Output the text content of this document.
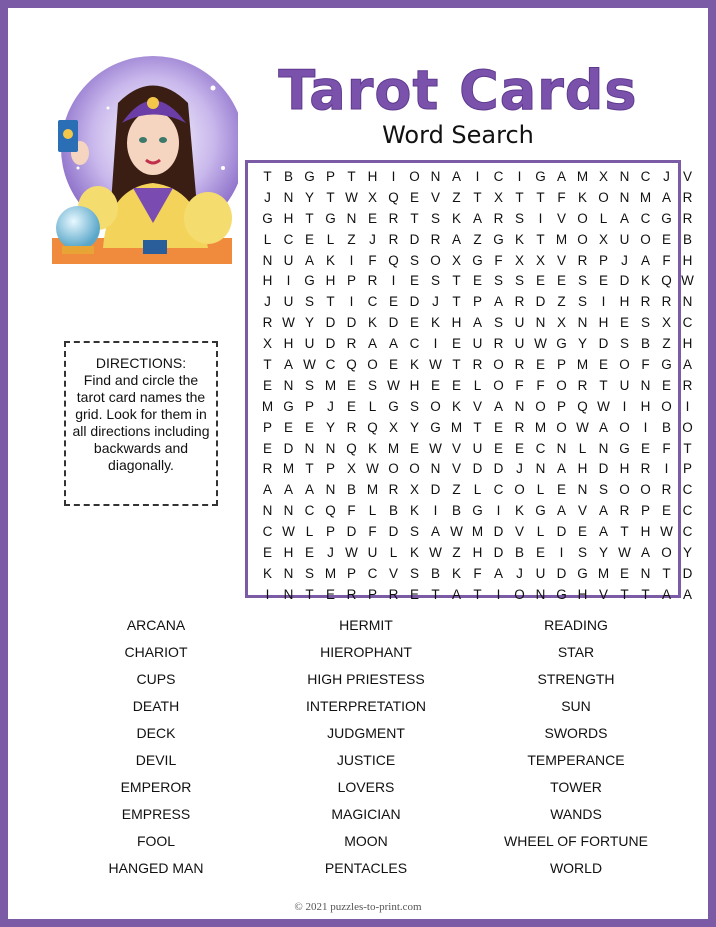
Tarot Cards
Word Search
T B G P T H	I	O N A	I	C	I	G A M X N C J V
J N Y T W X Q E V Z T X T T F K O N M A R
G H T G N E R T S K A R S	I	V O L A C G R
L C E L Z	J R D R A Z G K T M O X U O E B
N U A K	I	F Q S O X G F X X V R P J A F H
H	I	G H P R	I	E S T E S S E E S E D K Q W
J U S T	I	C E D J	T P A R D Z S	I	H R R N
R W Y D D K D E K H A S U N X N H E S X C
X H U D R A A C	I	E U R U W G Y D S B Z H
T A W C Q O E K W T R O R E P M E O F G A
E N S M E S W H E E L O F F O R T U N E R
M G P J E L G S O K V A N O P Q W I	H O	I
P E E Y R Q X Y G M T E R M O W A O	I	B O
E D N N Q K M E W V U E E C N L N G E F T
R M T P X W O O N V D D J N A H D H R	I	P
A A A N B M R X D Z L C O L E N S O O R C
N N C Q F L B K	I	B G	I	K G A V A R P E C
C W L P D F D S A W M D V L D E A T H W C
E H E J W U L K W Z H D B E	I	S Y W A O Y
K N S M P C V S B K F A J U D G M E N T D
I	N T E R P R E T A T	I	O N G H V T T A A
DIRECTIONS:
Find and circle the tarot card names the grid. Look for them in all directions including backwards and diagonally.
ARCANA
CHARIOT
CUPS
DEATH
DECK
DEVIL
EMPEROR
EMPRESS
FOOL
HANGED MAN
HERMIT
HIEROPHANT
HIGH PRIESTESS
INTERPRETATION
JUDGMENT
JUSTICE
LOVERS
MAGICIAN
MOON
PENTACLES
READING
STAR
STRENGTH
SUN
SWORDS
TEMPERANCE
TOWER
WANDS
WHEEL OF FORTUNE
WORLD
© 2021 puzzles-to-print.com
